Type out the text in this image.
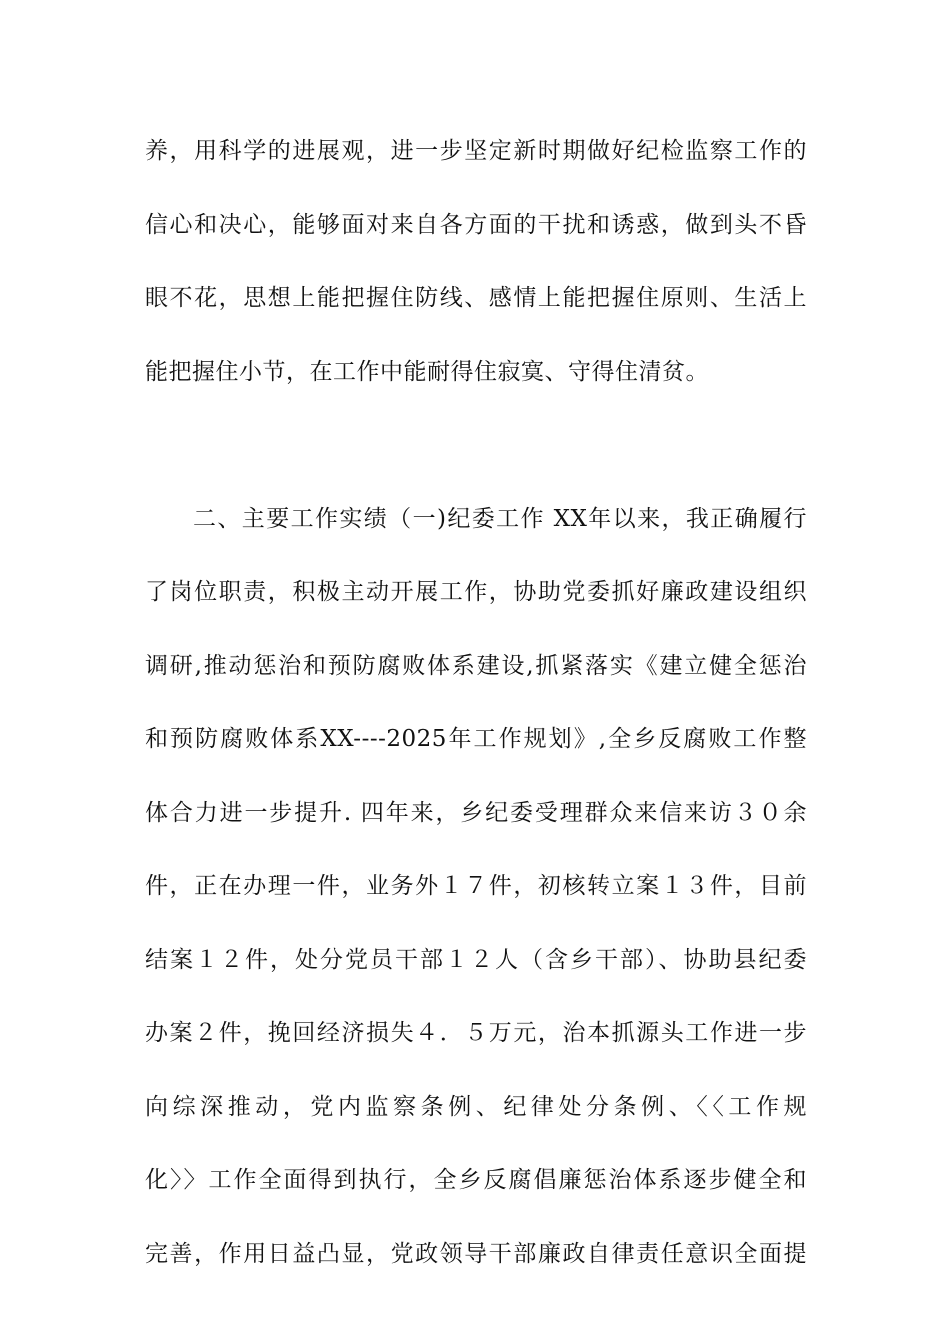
养，用科学的进展观，进一步坚定新时期做好纪检监察工作的
信心和决心，能够面对来自各方面的干扰和诱惑，做到头不昏
眼不花，思想上能把握住防线、感情上能把握住原则、生活上
能把握住小节，在工作中能耐得住寂寞、守得住清贫。
二、主要工作实绩（一)纪委工作 XX年以来，我正确履行
了岗位职责，积极主动开展工作，协助党委抓好廉政建设组织
调研,推动惩治和预防腐败体系建设,抓紧落实《建立健全惩治
和预防腐败体系XX----2025年工作规划》,全乡反腐败工作整
体合力进一步提升. 四年来，乡纪委受理群众来信来访３０余
件，正在办理一件，业务外１７件，初核转立案１３件，目前
结案１２件，处分党员干部１２人（含乡干部）、协助县纪委
办案２件，挽回经济损失４．５万元，治本抓源头工作进一步
向综深推动，党内监察条例、纪律处分条例、〈〈工作规
化〉〉工作全面得到执行，全乡反腐倡廉惩治体系逐步健全和
完善，作用日益凸显，党政领导干部廉政自律责任意识全面提
